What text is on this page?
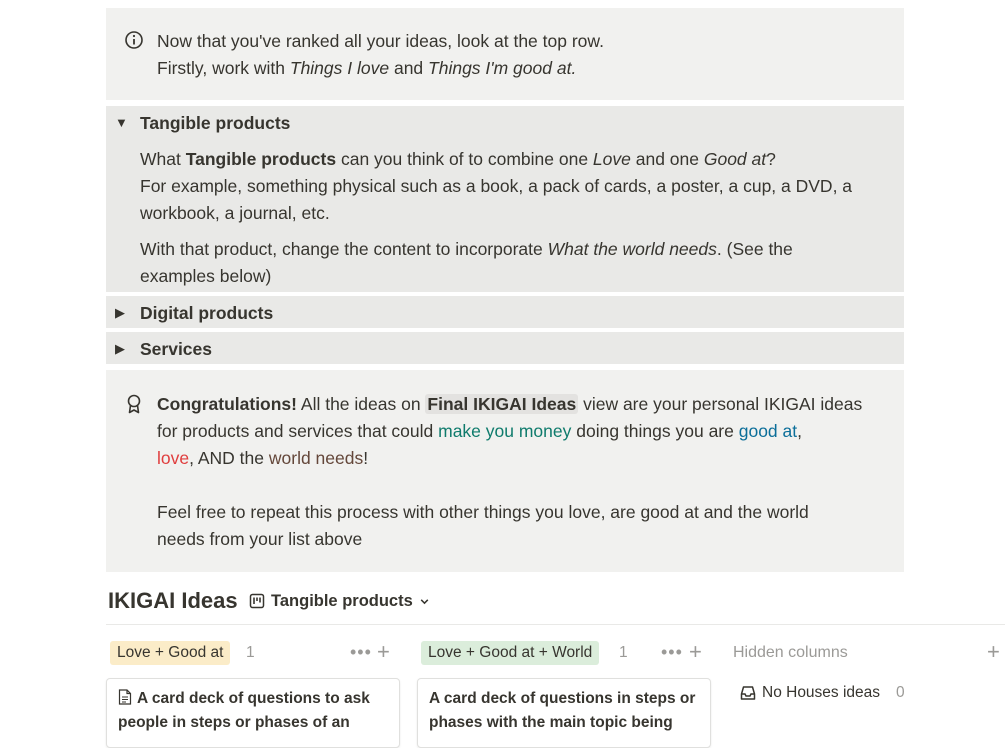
Now that you've ranked all your ideas, look at the top row.
Firstly, work with Things I love and Things I'm good at.
▼ Tangible products

What Tangible products can you think of to combine one Love and one Good at?
For example, something physical such as a book, a pack of cards, a poster, a cup, a DVD, a
workbook, a journal, etc.

With that product, change the content to incorporate What the world needs. (See the
examples below)

▶ Digital products
▶ Services
Congratulations! All the ideas on Final IKIGAI Ideas view are your personal IKIGAI ideas
for products and services that could make you money doing things you are good at,
love, AND the world needs!
Feel free to repeat this process with other things you love, are good at and the world
needs from your list above
IKIGAI Ideas Tangible products
Love + Good at	1	••• +	Love + Good at + World	1 ••• + Hidden columns	+
A card deck of questions to ask
people in steps or phases of an
A card deck of questions in steps or
phases with the main topic being
No Houses ideas 0
